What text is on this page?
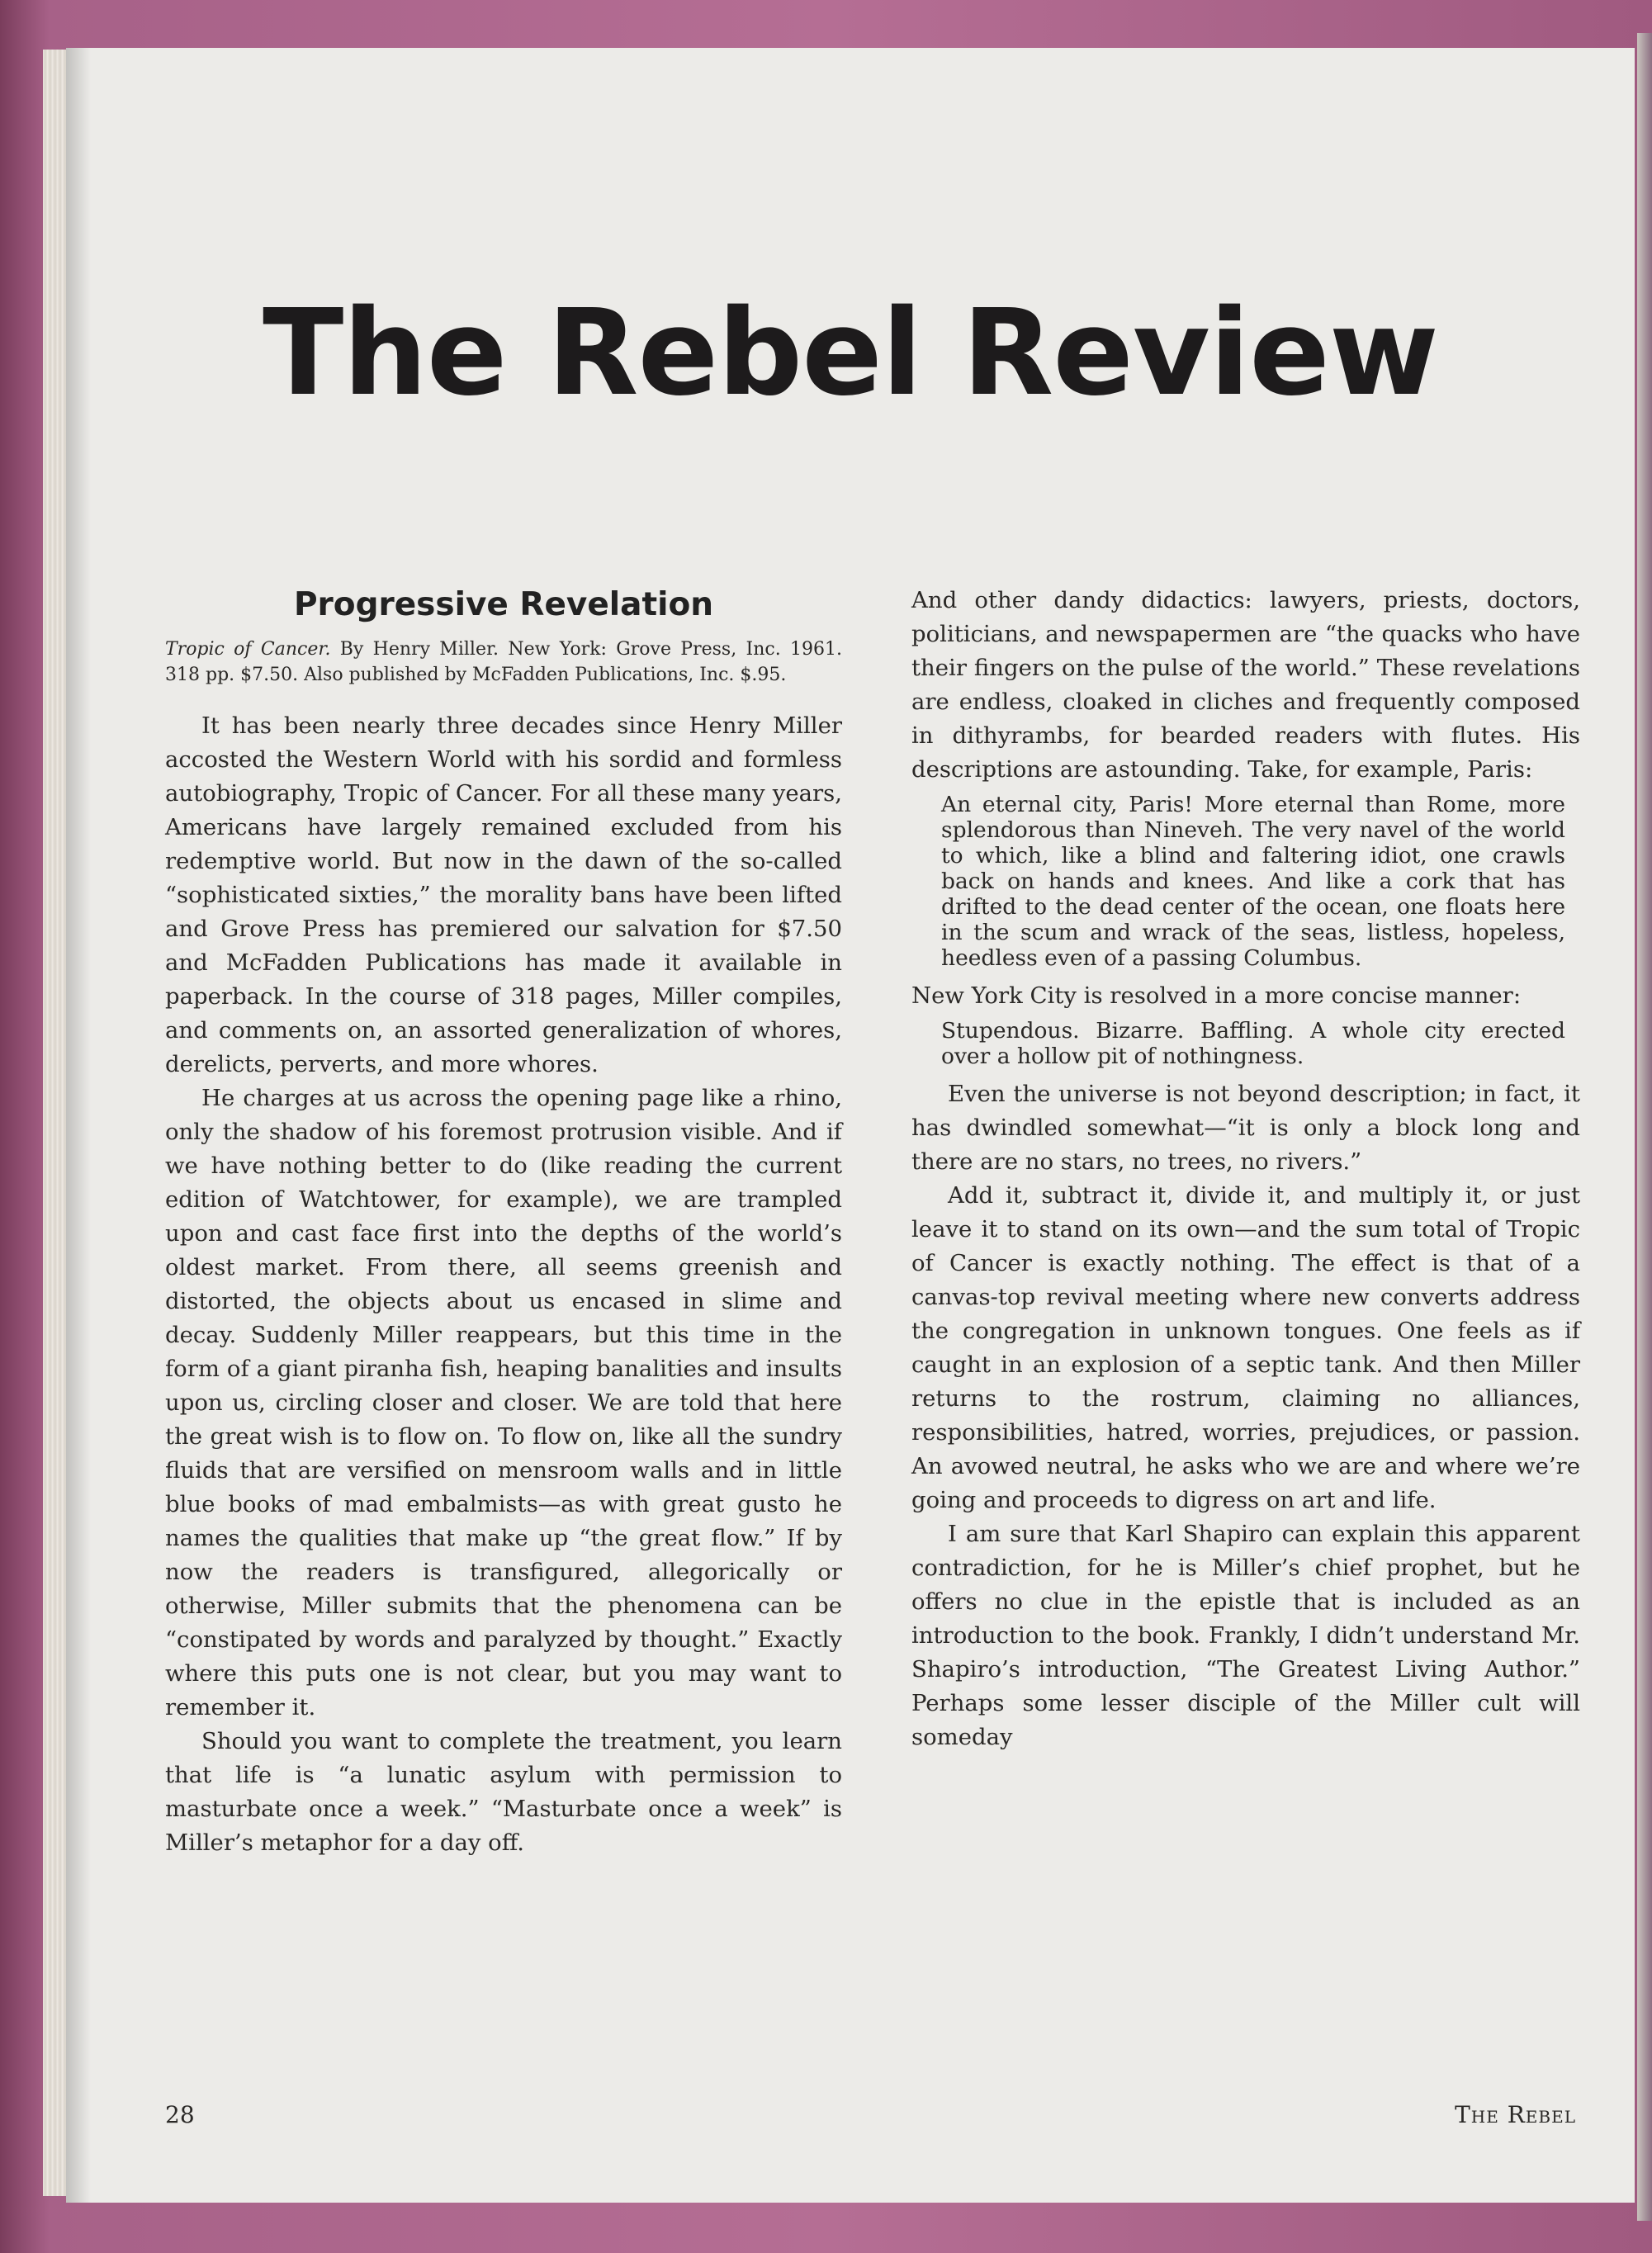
The Rebel Review
Progressive Revelation
Tropic of Cancer. By Henry Miller. New York: Grove Press, Inc. 1961. 318 pp. $7.50. Also published by McFadden Publications, Inc. $.95.

It has been nearly three decades since Henry Miller accosted the Western World with his sordid and formless autobiography, Tropic of Cancer. For all these many years, Americans have largely remained excluded from his redemptive world. But now in the dawn of the so-called “sophisticated sixties,” the morality bans have been lifted and Grove Press has premiered our salvation for $7.50 and McFadden Publications has made it available in paperback. In the course of 318 pages, Miller compiles, and comments on, an assorted generalization of whores, derelicts, perverts, and more whores.

He charges at us across the opening page like a rhino, only the shadow of his foremost protrusion visible. And if we have nothing better to do (like reading the current edition of Watchtower, for example), we are trampled upon and cast face first into the depths of the world’s oldest market. From there, all seems greenish and distorted, the objects about us encased in slime and decay. Suddenly Miller reappears, but this time in the form of a giant piranha fish, heaping banalities and insults upon us, circling closer and closer. We are told that here the great wish is to flow on. To flow on, like all the sundry fluids that are versified on mensroom walls and in little blue books of mad embalmists—as with great gusto he names the qualities that make up “the great flow.” If by now the readers is transfigured, allegorically or otherwise, Miller submits that the phenomena can be “constipated by words and paralyzed by thought.” Exactly where this puts one is not clear, but you may want to remember it.

Should you want to complete the treatment, you learn that life is “a lunatic asylum with permission to masturbate once a week.” “Masturbate once a week” is Miller’s metaphor for a day off.

And other dandy didactics: lawyers, priests, doctors, politicians, and newspapermen are “the quacks who have their fingers on the pulse of the world.” These revelations are endless, cloaked in cliches and frequently composed in dithyrambs, for bearded readers with flutes. His descriptions are astounding. Take, for example, Paris:

An eternal city, Paris! More eternal than Rome, more splendorous than Nineveh. The very navel of the world to which, like a blind and faltering idiot, one crawls back on hands and knees. And like a cork that has drifted to the dead center of the ocean, one floats here in the scum and wrack of the seas, listless, hopeless, heedless even of a passing Columbus.

New York City is resolved in a more concise manner:

Stupendous. Bizarre. Baffling. A whole city erected over a hollow pit of nothingness.

Even the universe is not beyond description; in fact, it has dwindled somewhat—“it is only a block long and there are no stars, no trees, no rivers.”

Add it, subtract it, divide it, and multiply it, or just leave it to stand on its own—and the sum total of Tropic of Cancer is exactly nothing. The effect is that of a canvas-top revival meeting where new converts address the congregation in unknown tongues. One feels as if caught in an explosion of a septic tank. And then Miller returns to the rostrum, claiming no alliances, responsibilities, hatred, worries, prejudices, or passion. An avowed neutral, he asks who we are and where we’re going and proceeds to digress on art and life.

I am sure that Karl Shapiro can explain this apparent contradiction, for he is Miller’s chief prophet, but he offers no clue in the epistle that is included as an introduction to the book. Frankly, I didn’t understand Mr. Shapiro’s introduction, “The Greatest Living Author.” Perhaps some lesser disciple of the Miller cult will someday

28	The Rebel
